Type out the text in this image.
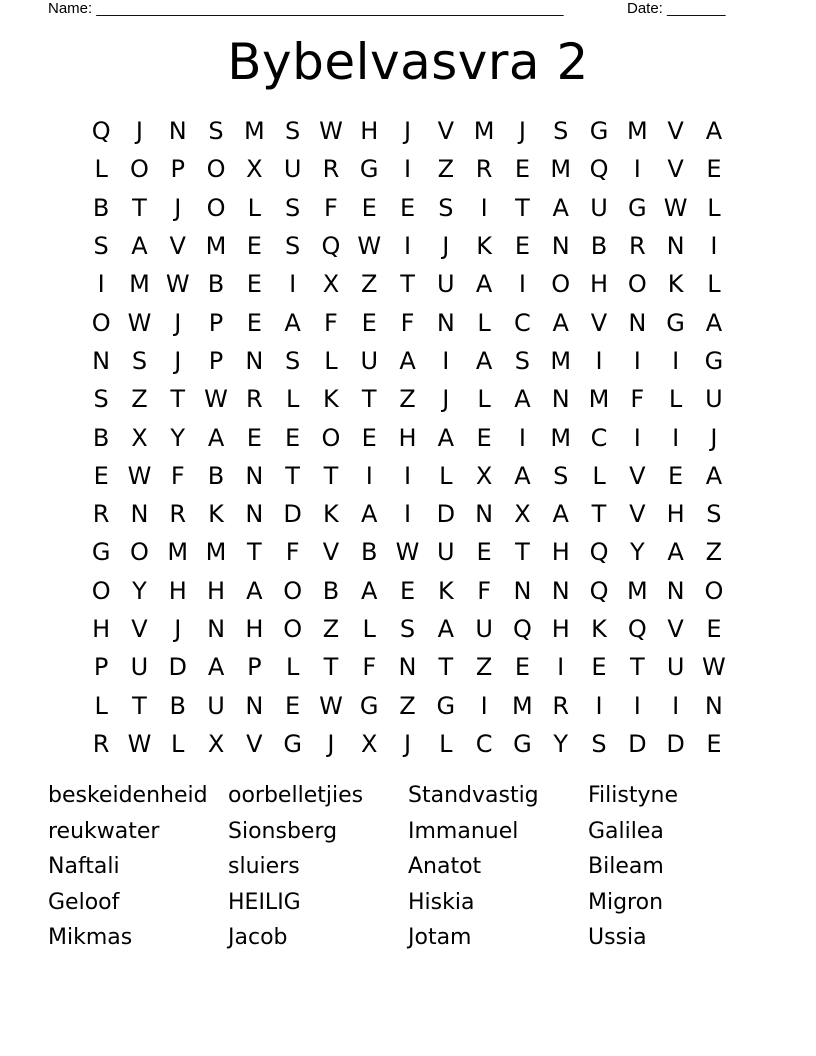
Name: ________________________________________________________	Date: _______
Bybelvasvra 2
Q	J	N S M S W H	J	V M	J	S G M V A
L O P O X U R G	I	Z R E M Q	I	V E
B T	J	O L	S F E E S	I	T A U G W L
S A V M E S Q W I	J	K E N B R N	I
I	M W B E	I	X Z T U A	I	O H O K L
O W J	P E A F E F N L C A V N G A
N S	J	P N S L U A	I	A S M	I	I	I	G
S Z T W R L K T Z	J	L A N M F	L U
B X Y A E E O E H A E	I	M C	I	I	J
E W F B N T T	I	I	L X A S L V E A
R N R K N D K A	I	D N X A T V H S
G O M M T	F V B W U E T H Q Y A Z
O Y H H A O B A E K F N N Q M N O
H V	J	N H O Z L	S A U Q H K Q V E
P U D A P	L	T	F N T Z E	I	E T U W
L	T B U N E W G Z G	I	M R	I	I	I	N
R W L X V G	J	X	J	L C G Y S D D E
beskeidenheid oorbelletjies	Standvastig	Filistyne
reukwater	Sionsberg	Immanuel	Galilea
Naftali	sluiers	Anatot	Bileam
Geloof	HEILIG	Hiskia	Migron
Mikmas	Jacob	Jotam	Ussia
